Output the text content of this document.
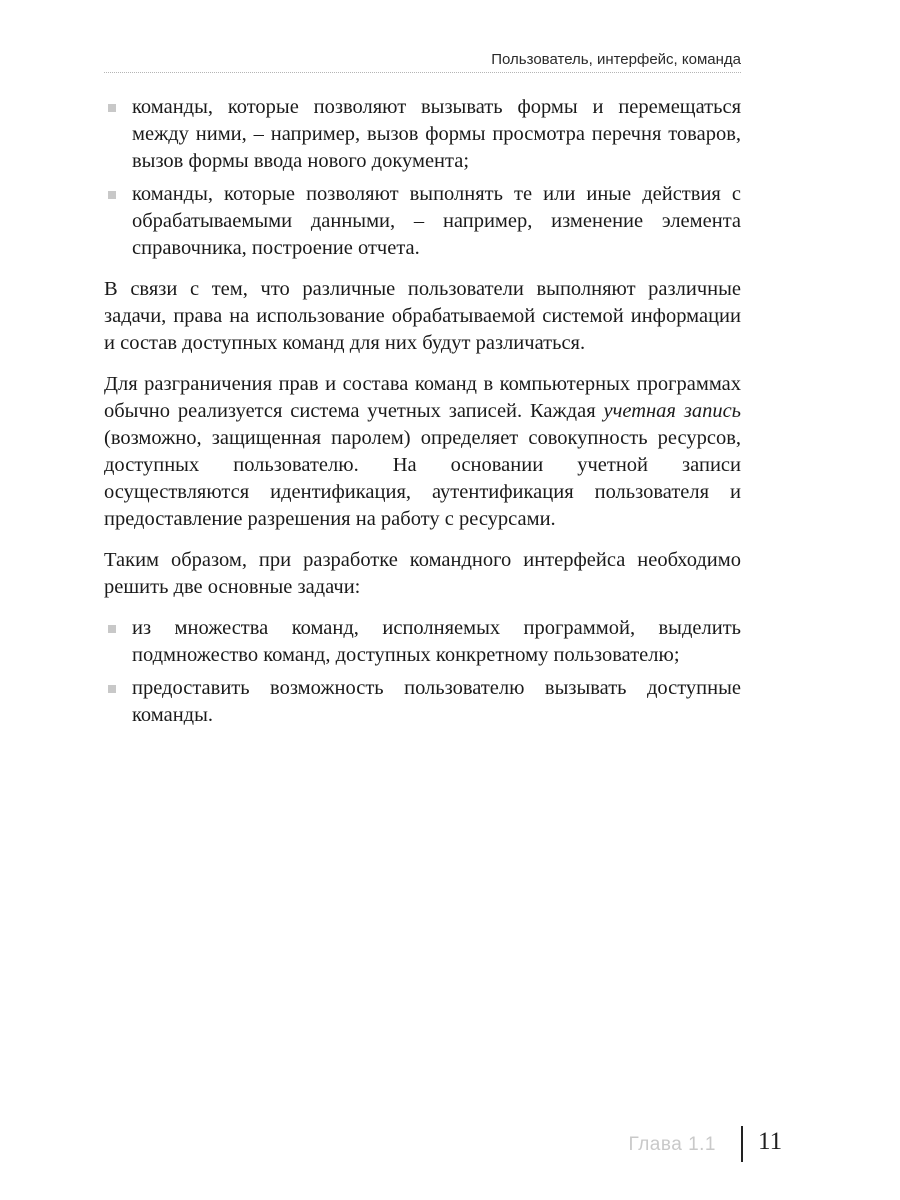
Пользователь, интерфейс, команда
команды, которые позволяют вызывать формы и перемещаться между ними, – например, вызов формы просмотра перечня товаров, вызов формы ввода нового документа;
команды, которые позволяют выполнять те или иные действия с обрабатываемыми данными, – например, изменение элемента справочника, построение отчета.

В связи с тем, что различные пользователи выполняют различные задачи, права на использование обрабатываемой системой информации и состав доступных команд для них будут различаться.

Для разграничения прав и состава команд в компьютерных программах обычно реализуется система учетных записей. Каждая учетная запись (возможно, защищенная паролем) определяет совокупность ресурсов, доступных пользователю. На основании учетной записи осуществляются идентификация, аутентификация пользователя и предоставление разрешения на работу с ресурсами.

Таким образом, при разработке командного интерфейса необходимо решить две основные задачи:

из множества команд, исполняемых программой, выделить подмножество команд, доступных конкретному пользователю;
предоставить возможность пользователю вызывать доступные команды.
Глава 1.1 11
